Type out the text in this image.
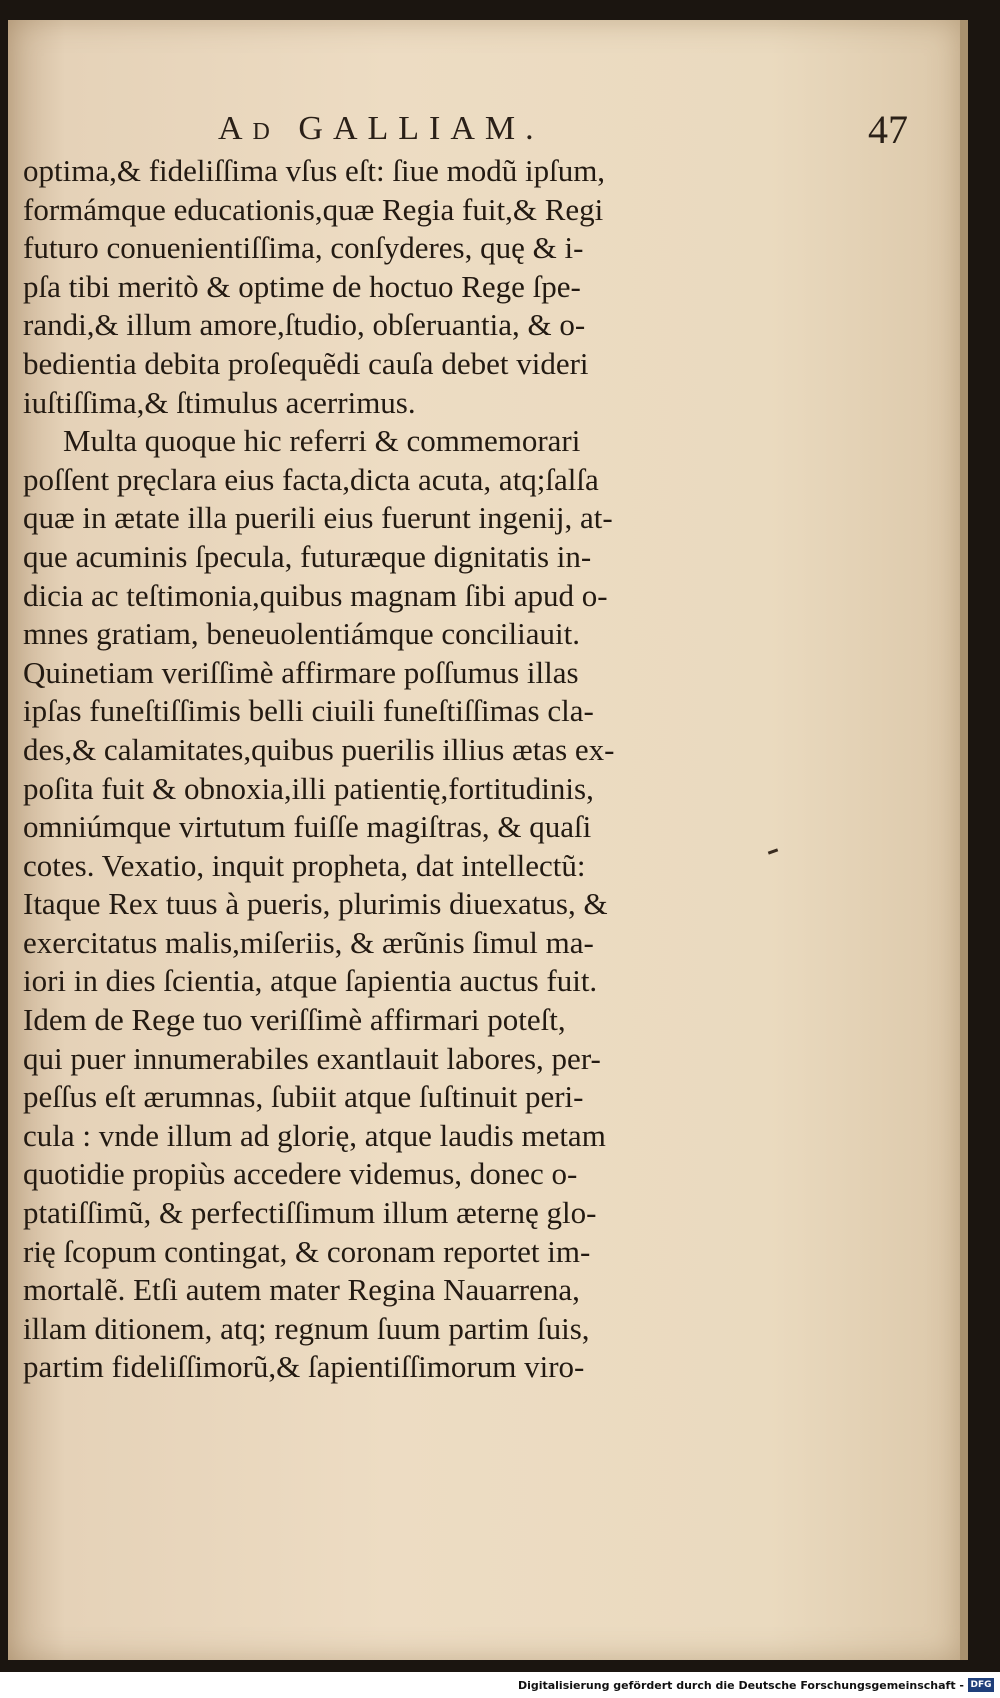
Ad GALLIAM.	47
optima,& fideliſſima vſus eſt: ſiue modũ ipſum,
formámque educationis,quæ Regia fuit,& Regi
futuro conuenientiſſima, conſyderes, quę & i-
pſa tibi meritò & optime de hoctuo Rege ſpe-
randi,& illum amore,ſtudio, obſeruantia, & o-
bedientia debita proſequẽdi cauſa debet videri
iuſtiſſima,& ſtimulus acerrimus.
Multa quoque hic referri & commemorari
poſſent pręclara eius facta,dicta acuta, atq;ſalſa
quæ in ætate illa puerili eius fuerunt ingenij, at-
que acuminis ſpecula, futuræque dignitatis in-
dicia ac teſtimonia,quibus magnam ſibi apud o-
mnes gratiam, beneuolentiámque conciliauit.
Quinetiam veriſſimè affirmare poſſumus illas
ipſas funeſtiſſimis belli ciuili funeſtiſſimas cla-
des,& calamitates,quibus puerilis illius ætas ex-
poſita fuit & obnoxia,illi patientię,fortitudinis,
omniúmque virtutum fuiſſe magiſtras, & quaſi
cotes. Vexatio, inquit propheta, dat intellectũ:
Itaque Rex tuus à pueris, plurimis diuexatus, &
exercitatus malis,miſeriis, & ærũnis ſimul ma-
iori in dies ſcientia, atque ſapientia auctus fuit.
Idem de Rege tuo veriſſimè affirmari poteſt,
qui puer innumerabiles exantlauit labores, per-
peſſus eſt ærumnas, ſubiit atque ſuſtinuit peri-
cula : vnde illum ad glorię, atque laudis metam
quotidie propiùs accedere videmus, donec o-
ptatiſſimũ, & perfectiſſimum illum æternę glo-
rię ſcopum contingat, & coronam reportet im-
mortalẽ. Etſi autem mater Regina Nauarrena,
illam ditionem, atq; regnum ſuum partim ſuis,
partim fideliſſimorũ,& ſapientiſſimorum viro-
Digitalisierung gefördert durch die Deutsche Forschungsgemeinschaft - DFG
